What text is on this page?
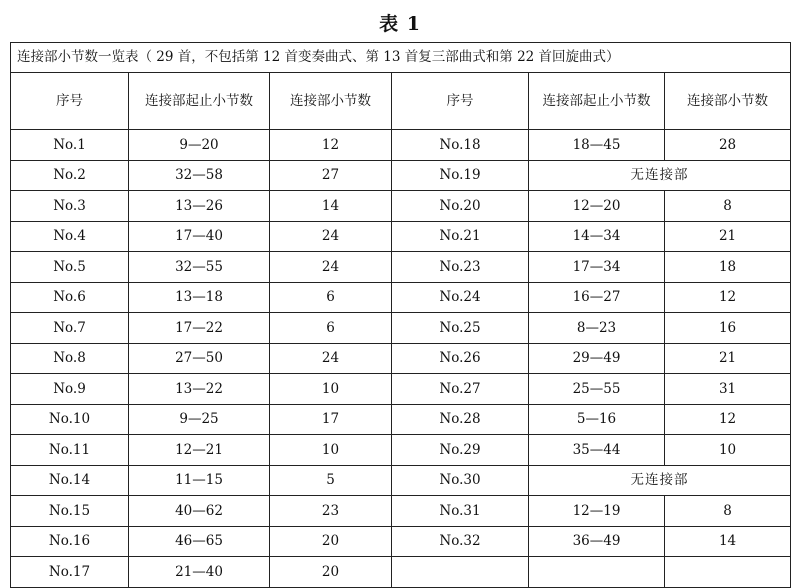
表 1
连接部小节数一览表（ 29 首，不包括第 12 首变奏曲式、第 13 首复三部曲式和第 22 首回旋曲式）					
序号	连接部起止小节数	连接部小节数	序号	连接部起止小节数	连接部小节数
No.1	9—20	12	No.18	18—45	28
No.2	32—58	27	No.19	无连接部	
No.3	13—26	14	No.20	12—20	8
No.4	17—40	24	No.21	14—34	21
No.5	32—55	24	No.23	17—34	18
No.6	13—18	6	No.24	16—27	12
No.7	17—22	6	No.25	8—23	16
No.8	27—50	24	No.26	29—49	21
No.9	13—22	10	No.27	25—55	31
No.10	9—25	17	No.28	5—16	12
No.11	12—21	10	No.29	35—44	10
No.14	11—15	5	No.30	无连接部	
No.15	40—62	23	No.31	12—19	8
No.16	46—65	20	No.32	36—49	14
No.17	21—40	20			
